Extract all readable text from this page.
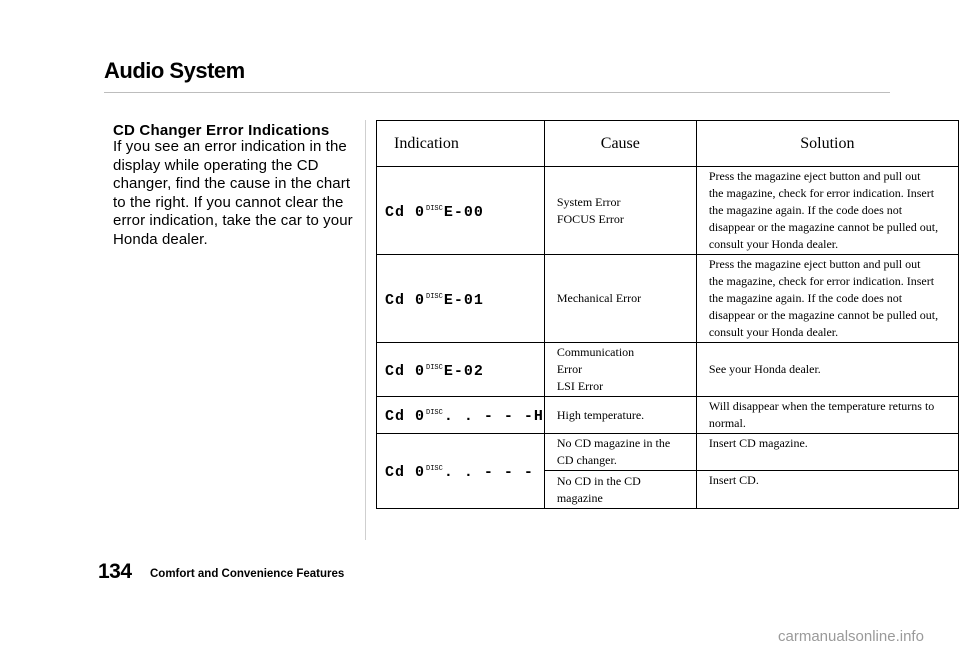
Audio System
CD Changer Error Indications
If you see an error indication in the
display while operating the CD
changer, find the cause in the chart
to the right. If you cannot clear the
error indication, take the car to your
Honda dealer.
Indication	Cause	Solution
Cd $0^{DISC}E-00$	System Error
FOCUS Error	Press the magazine eject button and pull out
the magazine, check for error indication. Insert
the magazine again. If the code does not
disappear or the magazine cannot be pulled out,
consult your Honda dealer.

Cd $0^{DISC}E-01$	Mechanical Error	Press the magazine eject button and pull out
the magazine, check for error indication. Insert
the magazine again. If the code does not
disappear or the magazine cannot be pulled out,
consult your Honda dealer.

Cd $0^{DISC}E-02$	Communication
Error
LSI Error	See your Honda dealer.

Cd $0^{DISC}$. . - - -H	High temperature.	Will disappear when the temperature returns to
normal.

Cd $0^{DISC}$. . - - -	No CD magazine in the
CD changer.	Insert CD magazine.

	No CD in the CD
magazine	Insert CD.
134 Comfort and Convenience Features
carmanualsonline.info
